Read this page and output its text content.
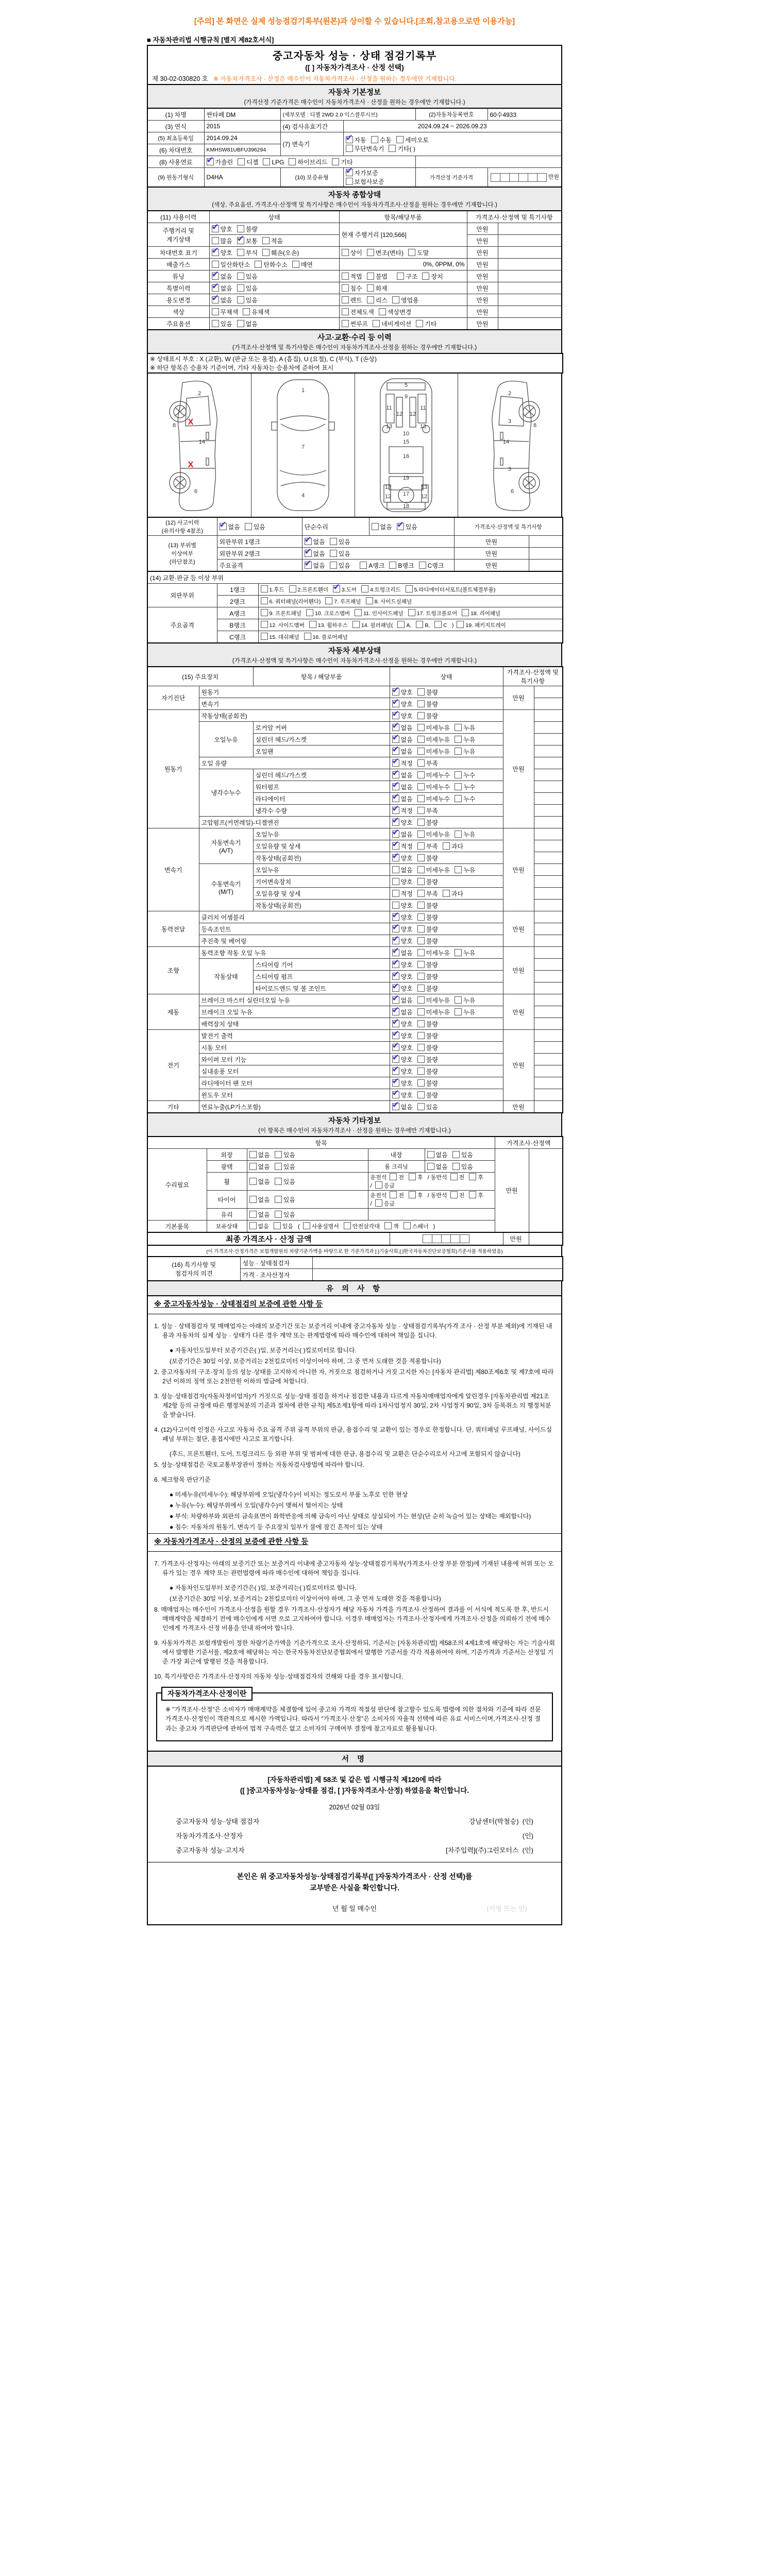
[주의] 본 화면은 실제 성능점검기록부(원본)과 상이할 수 있습니다.[조회,참고용으로만 이용가능]
■ 자동차관리법 시행규칙 [별지 제82호서식]
중고자동차 성능 · 상태 점검기록부
([ ] 자동차가격조사 · 산정 선택)
제 30-02-030820 호 ※ 자동차가격조사 · 산정은 매수인이 자동차가격조사 · 산정을 원하는 경우에만 기재합니다.
자동차 기본정보
(가격산정 기준가격은 매수인이 자동차가격조사 · 산정을 원하는 경우에만 기재합니다.)
(1) 차명	싼타페 DM	(세부모델 : 디젤 2WD 2.0 익스클루시브)		(2)자동차등록번호	60수4933
(3) 연식	2015	(4) 검사유효기간	2024.09.24 ~ 2026.09.23		
(5) 최초등록일	2014.09.24	(7) 변속기	✔자동 수동 세미오토
무단변속기 기타( )
(6) 차대번호	KMHSW81UBFU396294				
(8) 사용연료	✔가솔린 디젤 LPG 하이브리드 기타	
(9) 원동기형식	D4HA	(10) 보증유형	✔자가보증보험사보증	가격산정 기준가격	만원
자동차 종합상태
(색상, 주요옵션, 가격조사·산정액 및 특기사항은 매수인이 자동차가격조사·산정을 원하는 경우에만 기재합니다.)
(11) 사용이력	상태	항목/해당부품	가격조사·산정액 및 특기사항	
주행거리 및
계기상태	✔양호 불량	현재 주행거리 [120,566]	만원	
	많음 ✔ 보통 적음		만원	
차대번호 표기	✔양호 부식 훼손(오손)	상이 변조(변타) 도말	만원	
배출가스	일산화탄소 탄화수소 매연	0%, 0PPM, 0%	만원	
튜닝	✔없음 있음	적법 불법 구조 장치	만원	
특별이력	✔없음 있음	침수 화재	만원	
용도변경	✔없음 있음	렌트 리스 영업용	만원	
색상	무채색 유채색	전체도색 색상변경	만원	
주요옵션	있음 없음	썬루프 네비게이션 기타	만원	
사고·교환·수리 등 이력
(가격조사·산정액 및 특기사항은 매수인이 자동차가격조사·산정을 원하는 경우에만 기재합니다.)
※ 상태표시 부호 : X (교환), W (판금 또는 용접), A (흠집), U (요철), C (부식), T (손상)
※ 하단 항목은 승용차 기준이며, 기타 자동차는 승용차에 준하여 표시
2
8
14
6
X
X
1
7
4
5
9
11
12 12
11
13	13
10
15
16
19
13	13
12 17 12
18
2
8
3
14
3
6
(12) 사고이력
(유의사항 4참조)	✔없음 있음	단순수리	없음 ✔ 있음	가격조사·산정액 및 특기사항	
(13) 부위별
이상여부
(하단참조)	외판부위 1랭크	✔없음 있음		만원	
	외판부위 2랭크	✔없음 있음		만원	
	주요골격	✔없음 있음 A랭크 B랭크 C랭크		만원	
(14) 교환·판금 등 이상 부위		
외판부위	1랭크	1.후드 2.프론트휀더 ✔ 3.도어 4.트렁크리드 5.라디에이터서포트(볼트체결부품)
	2랭크	6. 쿼터패널(리어휀다) 7. 루프패널 8. 사이드실패널
주요골격	A랭크	9. 프론트패널 10. 크로스멤버 11. 인사이드패널 17. 트렁크플로어 18. 리어패널
	B랭크	12. 사이드멤버 13. 휠하우스 14. 필러패널( A, B, C ) 19. 패키지트레이
	C랭크	15. 대쉬패널 16. 플로어패널
자동차 세부상태
(가격조사·산정액 및 특기사항은 매수인이 자동차가격조사·산정을 원하는 경우에만 기재합니다.)
(15) 주요장치		항목 / 해당부품	상태	가격조사·산정액 및 특기사항	
자기진단	원동기	✔양호 불량	만원	
	변속기	✔양호 불량	
원동기	작동상태(공회전)	✔양호 불량	만원	
	오일누유	로커암 커버	✔없음 미세누유 누유	
		실린더 헤드/가스켓	✔없음 미세누유 누유	
		오일팬	✔없음 미세누유 누유	
	오일 유량	✔적정 부족	
	냉각수누수	실린더 헤드/가스켓	✔없음 미세누수 누수	
		워터펌프	✔없음 미세누수 누수	
		라디에이터	✔없음 미세누수 누수	
		냉각수 수량	✔적정 부족	
	고압펌프(커먼레일)-디젤엔진	✔양호 불량	
변속기	자동변속기
(A/T)	오일누유	✔없음 미세누유 누유	만원	
		오일유량 및 상세	✔적정 부족 과다	
		작동상태(공회전)	✔양호 불량	
	수동변속기
(M/T)	오일누유	없음 미세누유 누유		
		기어변속장치	양호 불량		
		오일유량 및 상세	적정 부족 과다		
		작동상태(공회전)	양호 불량		
동력전달	클러치 어셈블리	✔양호 불량	만원	
	등속조인트	✔양호 불량	
	추진축 및 베어링	✔양호 불량	
조향	동력조향 작동 오일 누유	✔없음 미세누유 누유	만원	
	작동상태	스티어링 기어	✔양호 불량	
		스티어링 펌프	✔양호 불량	
		타이로드엔드 및 볼 조인트	✔양호 불량	
제동	브레이크 마스터 실린더오일 누유	✔없음 미세누유 누유	만원	
	브레이크 오일 누유	✔없음 미세누유 누유	
	배력장치 상태	✔양호 불량	
전기	발전기 출력	✔양호 불량	만원	
	시동 모터	✔양호 불량	
	와이퍼 모터 기능	✔양호 불량	
	실내송풍 모터	✔양호 불량	
	라디에이터 팬 모터	✔양호 불량	
	윈도우 모터	✔양호 불량	
기타	연료누출(LP가스포함)	✔없음 있음	만원	
자동차 기타정보
(이 항목은 매수인이 자동차가격조사 · 산정을 원하는 경우에만 기재합니다.)
항목					가격조사·산정액	
수리필요	외장	없음 있음	내장	없음 있음	만원	
	광택	없음 있음	룸 크리닝	없음 있음		
	휠	없음 있음	운전석 전 후 / 동반석 전 후/ 응급			
	타이어	없음 있음	운전석 전 후 / 동반석 전 후/ 응급			
	유리	없음 있음				
기본품목	보유상태	없음 있음 ( 사용설명서 안전삼각대 잭 스패너 )				
최종 가격조사 · 산정 금액		만원	
(이 가격조사·산정가격은 보험개발원의 차량기준가액을 바탕으로 한 기준가격과 [ ]기술사회,[ ]한국자동차진단보증협회)기준서를 적용하였음)
(16) 특기사항 및
점검자의 의견	성능 · 상태점검자	
	가격 · 조사산정자	
유 의 사 항
※ 중고자동차성능 · 상태점검의 보증에 관한 사항 등
1. 성능 · 상태점검자 및 매매업자는 아래의 보증기간 또는 보증거리 이내에 중고자동차 성능 · 상태점검기록부(가격 조사 · 산정 부분 제외)에 기재된 내용과 자동차의 실제 성능 · 상태가 다른 경우 계약 또는 관계법령에 따라 매수인에 대하여 책임을 집니다.
● 자동차인도일부터 보증기간은( )일, 보증거리는( )킬로미터로 합니다.
(보증기간은 30일 이상, 보증거리는 2천킬로미터 이상이어야 하며, 그 중 먼저 도래한 것을 적용합니다)
2. 중고자동차의 구조·장치 등의 성능·상태를 고지하지 아니한 자, 거짓으로 점검하거나 거짓 고지한 자는 [자동차 관리법] 제80조제6호 및 제7호에 따라 2년 이하의 징역 또는 2천만원 이하의 벌금에 처합니다.
3. 성능·상태점검자(자동차정비업자)가 거짓으로 성능·상태 점검을 하거나 점검한 내용과 다르게 자동차매매업자에게 알린경우 [자동차관리법 제21조제2항 등의 규정에 따른 행정처분의 기준과 절차에 관한 규칙] 제5조제1항에 따라 1차사업정지 30일, 2차 사업정지 90일, 3차 등록취소 의 행정처분을 받습니다.
4. (12)사고이력 인정은 사고로 자동차 주요 골격 주위 골격 부위의 판금, 용접수리 및 교환이 있는 경우로 한정합니다. 단, 쿼터패널 루프패널, 사이드실패널 부위는 절단, 용접시에만 사고로 표기합니다.
(후드, 프론트휀더, 도어, 트렁크리드 등 외판 부위 및 범퍼에 대한 판금, 용접수리 및 교환은 단순수리로서 사고에 포함되지 않습니다)
5. 성능·상태점검은 국토교통부장관이 정하는 자동차검사방법에 따라야 합니다.
6. 체크항목 판단기준
● 미세누유(미세누수): 해당부위에 오일(냉각수)이 비치는 정도로서 부품 노후로 인한 현상
● 누유(누수): 해당부위에서 오일(냉각수)이 맺혀서 떨어지는 상태
● 부식: 차량하부와 외판의 금속표면이 화학반응에 의해 금속이 아닌 상태로 상실되어 가는 현상(단 순히 녹슬어 있는 상태는 제외합니다)
● 침수: 자동차의 원동기, 변속기 등 주요장치 일부가 물에 잠긴 흔적이 있는 상태
※ 자동차가격조사 · 산정의 보증에 관한 사항 등
7. 가격조사·산정자는 아래의 보증기간 또는 보증거리 이내에 중고자동차 성능·상태점검기록부(가격조사·산정 부분 한정)에 기재된 내용에 허위 또는 오류가 있는 경우 계약 또는 관련법령에 따라 매수인에 대하여 책임을 집니다.
● 자동차인도일부터 보증기간은( )일, 보증거리는( )킬로미터로 합니다.
(보증기간은 30일 이상, 보증거리는 2천킬로미터 이상이어야 하며, 그 중 먼저 도래한 것을 적용합니다)
8. 매매업자는 매수인이 가격조사·산정을 원할 경우 가격조사·산정자가 해당 자동차 가격을 가격조사·산정하여 결과를 이 서식에 적도록 한 후, 반드시 매매계약을 체결하기 전에 매수인에게 서면 으로 고지하여야 합니다. 이경우 매매업자는 가격조사·산정자에게 가격조사·산정을 의뢰하기 전에 매수인에게 가격조사·산정 비용을 안내 하여야 합니다.
9. 자동차가격은 보험개발원이 정한 차량기준가액을 기준가격으로 조사·산정하되, 기준서는 [자동차관리법] 제58조의 4제1호에 해당하는 자는 기술사회에서 발행한 기준서를, 제2호에 해당하는 자는 한국자동차진단보증협회에서 발행한 기준서를 각각 적용하여야 하며, 기준가격과 기준서는 산정일 기준 가장 최근에 발행된 것을 적용합니다.
10. 특기사항란은 가격조사·산정자의 자동차 성능·상태점검자의 견해와 다를 경우 표시합니다.
자동차가격조사·산정이란
※ "가격조사·산정"은 소비자가 매매계약을 체결함에 있어 중고차 가격의 적절성 판단에 참고할수 있도록 법령에 의한 절차와 기준에 따라 전문 가격조사·산정인이 객관적으로 제시한 가액입니다. 따라서 "가격조사·산정"은 소비자의 자율적 선택에 따른 유료 서비스이며,가격조사·산정 결과는 중고차 가격판단에 관하여 법적 구속력은 없고 소비자의 구매여부 결정에 참고자료로 활용됩니다.
서 명
[자동차관리법] 제 58조 및 같은 법 시행규칙 제120에 따라
([ ]중고자동차성능·상태를 점검, [ ]자동차격조사·산정) 하였음을 확인합니다.
2026년 02월 03일
중고자동차 성능·상태 점검자	강남센터(박철승) (인)
자동차가격조사·산정자	(인)
중고자동차 성능·고지자	[차주입력](주)그린모터스 (인)
본인은 위 중고자동차성능·상태점검기록부([ ]자동차가격조사 · 산정 선택)를
교부받은 사실을 확인합니다.
년 월 일 매수인	(서명 또는 인)
